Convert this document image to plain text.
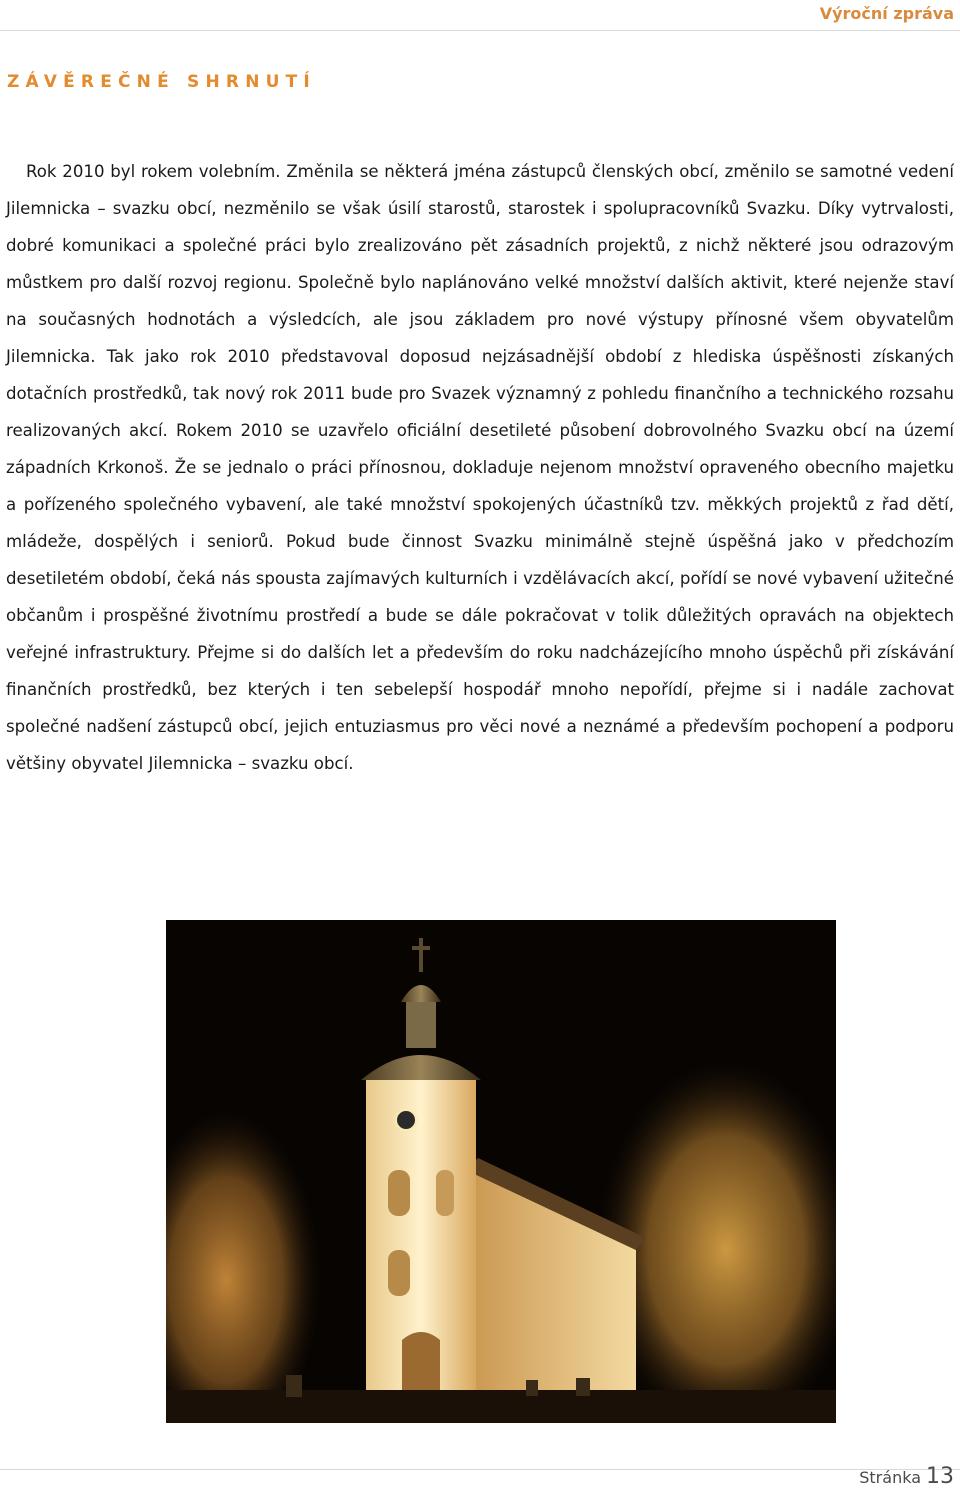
Výroční zpráva
ZÁVĚREČNÉ SHRNUTÍ

Rok 2010 byl rokem volebním. Změnila se některá jména zástupců členských obcí, změnilo se samotné vedení Jilemnicka – svazku obcí, nezměnilo se však úsilí starostů, starostek i spolupracovníků Svazku. Díky vytrvalosti, dobré komunikaci a společné práci bylo zrealizováno pět zásadních projektů, z nichž některé jsou odrazovým můstkem pro další rozvoj regionu. Společně bylo naplánováno velké množství dalších aktivit, které nejenže staví na současných hodnotách a výsledcích, ale jsou základem pro nové výstupy přínosné všem obyvatelům Jilemnicka. Tak jako rok 2010 představoval doposud nejzásadnější období z hlediska úspěšnosti získaných dotačních prostředků, tak nový rok 2011 bude pro Svazek významný z pohledu finančního a technického rozsahu realizovaných akcí. Rokem 2010 se uzavřelo oficiální desetileté působení dobrovolného Svazku obcí na území západních Krkonoš. Že se jednalo o práci přínosnou, dokladuje nejenom množství opraveného obecního majetku a pořízeného společného vybavení, ale také množství spokojených účastníků tzv. měkkých projektů z řad dětí, mládeže, dospělých i seniorů. Pokud bude činnost Svazku minimálně stejně úspěšná jako v předchozím desetiletém období, čeká nás spousta zajímavých kulturních i vzdělávacích akcí, pořídí se nové vybavení užitečné občanům i prospěšné životnímu prostředí a bude se dále pokračovat v tolik důležitých opravách na objektech veřejné infrastruktury. Přejme si do dalších let a především do roku nadcházejícího mnoho úspěchů při získávání finančních prostředků, bez kterých i ten sebelepší hospodář mnoho nepořídí, přejme si i nadále zachovat společné nadšení zástupců obcí, jejich entuziasmus pro věci nové a neznámé a především pochopení a podporu většiny obyvatel Jilemnicka – svazku obcí.

Stránka 13
